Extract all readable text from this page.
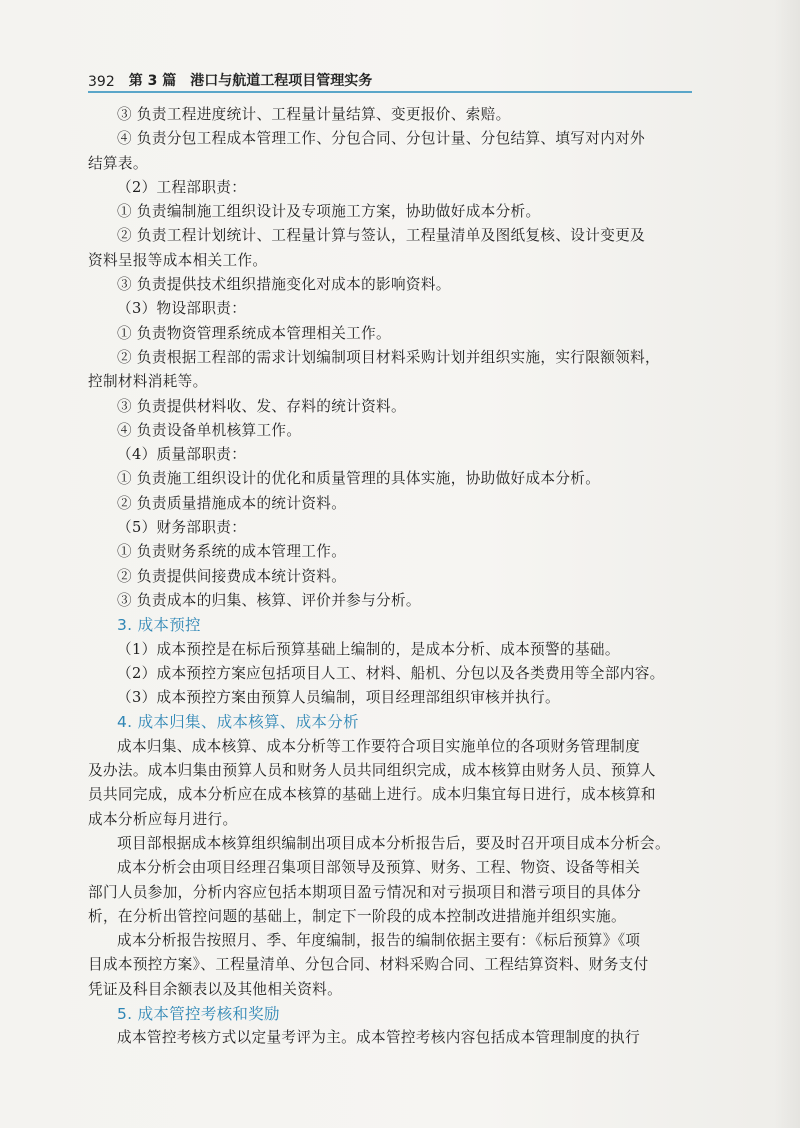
392 第 3 篇 港口与航道工程项目管理实务

③ 负责工程进度统计、工程量计量结算、变更报价、索赔。

④ 负责分包工程成本管理工作、分包合同、分包计量、分包结算、填写对内对外

结算表。

（2）工程部职责：

① 负责编制施工组织设计及专项施工方案，协助做好成本分析。

② 负责工程计划统计、工程量计算与签认，工程量清单及图纸复核、设计变更及

资料呈报等成本相关工作。

③ 负责提供技术组织措施变化对成本的影响资料。

（3）物设部职责：

① 负责物资管理系统成本管理相关工作。

② 负责根据工程部的需求计划编制项目材料采购计划并组织实施，实行限额领料，

控制材料消耗等。

③ 负责提供材料收、发、存料的统计资料。

④ 负责设备单机核算工作。

（4）质量部职责：

① 负责施工组织设计的优化和质量管理的具体实施，协助做好成本分析。

② 负责质量措施成本的统计资料。

（5）财务部职责：

① 负责财务系统的成本管理工作。

② 负责提供间接费成本统计资料。

③ 负责成本的归集、核算、评价并参与分析。

3. 成本预控

（1）成本预控是在标后预算基础上编制的，是成本分析、成本预警的基础。

（2）成本预控方案应包括项目人工、材料、船机、分包以及各类费用等全部内容。

（3）成本预控方案由预算人员编制，项目经理部组织审核并执行。

4. 成本归集、成本核算、成本分析

成本归集、成本核算、成本分析等工作要符合项目实施单位的各项财务管理制度

及办法。成本归集由预算人员和财务人员共同组织完成，成本核算由财务人员、预算人

员共同完成，成本分析应在成本核算的基础上进行。成本归集宜每日进行，成本核算和

成本分析应每月进行。

项目部根据成本核算组织编制出项目成本分析报告后，要及时召开项目成本分析会。

成本分析会由项目经理召集项目部领导及预算、财务、工程、物资、设备等相关

部门人员参加，分析内容应包括本期项目盈亏情况和对亏损项目和潜亏项目的具体分

析，在分析出管控问题的基础上，制定下一阶段的成本控制改进措施并组织实施。

成本分析报告按照月、季、年度编制，报告的编制依据主要有：《标后预算》《项

目成本预控方案》、工程量清单、分包合同、材料采购合同、工程结算资料、财务支付

凭证及科目余额表以及其他相关资料。

5. 成本管控考核和奖励

成本管控考核方式以定量考评为主。成本管控考核内容包括成本管理制度的执行
